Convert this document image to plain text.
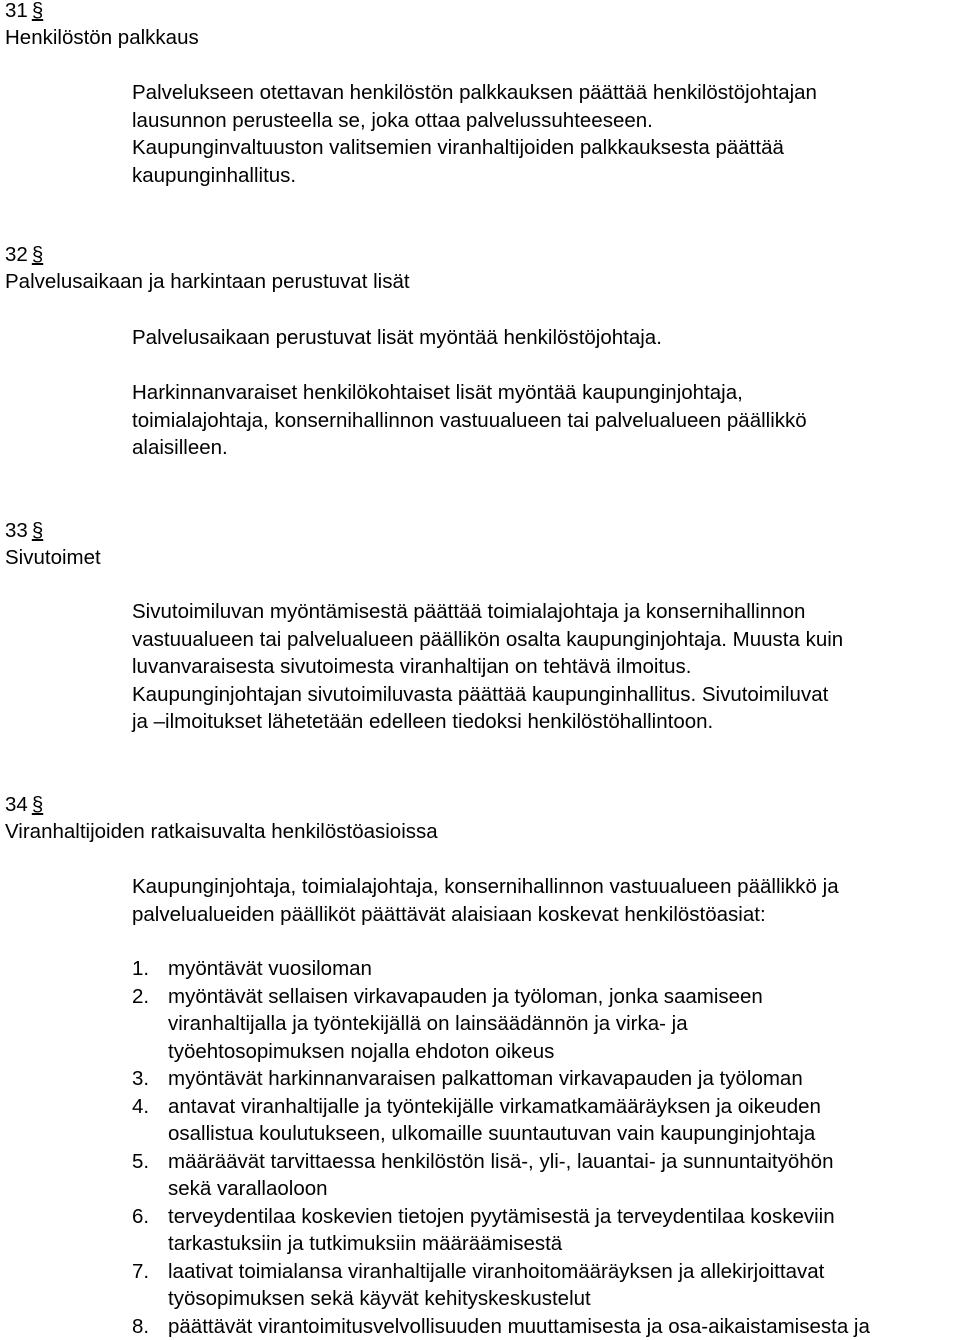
31 §
Henkilöstön palkkaus

Palvelukseen otettavan henkilöstön palkkauksen päättää henkilöstöjohtajan
lausunnon perusteella se, joka ottaa palvelussuhteeseen.
Kaupunginvaltuuston valitsemien viranhaltijoiden palkkauksesta päättää
kaupunginhallitus.

32 §
Palvelusaikaan ja harkintaan perustuvat lisät

Palvelusaikaan perustuvat lisät myöntää henkilöstöjohtaja.

Harkinnanvaraiset henkilökohtaiset lisät myöntää kaupunginjohtaja,
toimialajohtaja, konsernihallinnon vastuualueen tai palvelualueen päällikkö
alaisilleen.

33 §
Sivutoimet

Sivutoimiluvan myöntämisestä päättää toimialajohtaja ja konsernihallinnon
vastuualueen tai palvelualueen päällikön osalta kaupunginjohtaja. Muusta kuin
luvanvaraisesta sivutoimesta viranhaltijan on tehtävä ilmoitus.
Kaupunginjohtajan sivutoimiluvasta päättää kaupunginhallitus. Sivutoimiluvat
ja –ilmoitukset lähetetään edelleen tiedoksi henkilöstöhallintoon.

34 §
Viranhaltijoiden ratkaisuvalta henkilöstöasioissa

Kaupunginjohtaja, toimialajohtaja, konsernihallinnon vastuualueen päällikkö ja
palvelualueiden päälliköt päättävät alaisiaan koskevat henkilöstöasiat:

1. myöntävät vuosiloman
2. myöntävät sellaisen virkavapauden ja työloman, jonka saamiseen
viranhaltijalla ja työntekijällä on lainsäädännön ja virka- ja
työehtosopimuksen nojalla ehdoton oikeus
3. myöntävät harkinnanvaraisen palkattoman virkavapauden ja työloman
4. antavat viranhaltijalle ja työntekijälle virkamatkamääräyksen ja oikeuden
osallistua koulutukseen, ulkomaille suuntautuvan vain kaupunginjohtaja
5. määräävät tarvittaessa henkilöstön lisä-, yli-, lauantai- ja sunnuntaityöhön
sekä varallaoloon
6. terveydentilaa koskevien tietojen pyytämisestä ja terveydentilaa koskeviin
tarkastuksiin ja tutkimuksiin määräämisestä
7. laativat toimialansa viranhaltijalle viranhoitomääräyksen ja allekirjoittavat
työsopimuksen sekä käyvät kehityskeskustelut
8. päättävät virantoimitusvelvollisuuden muuttamisesta ja osa-aikaistamisesta ja
